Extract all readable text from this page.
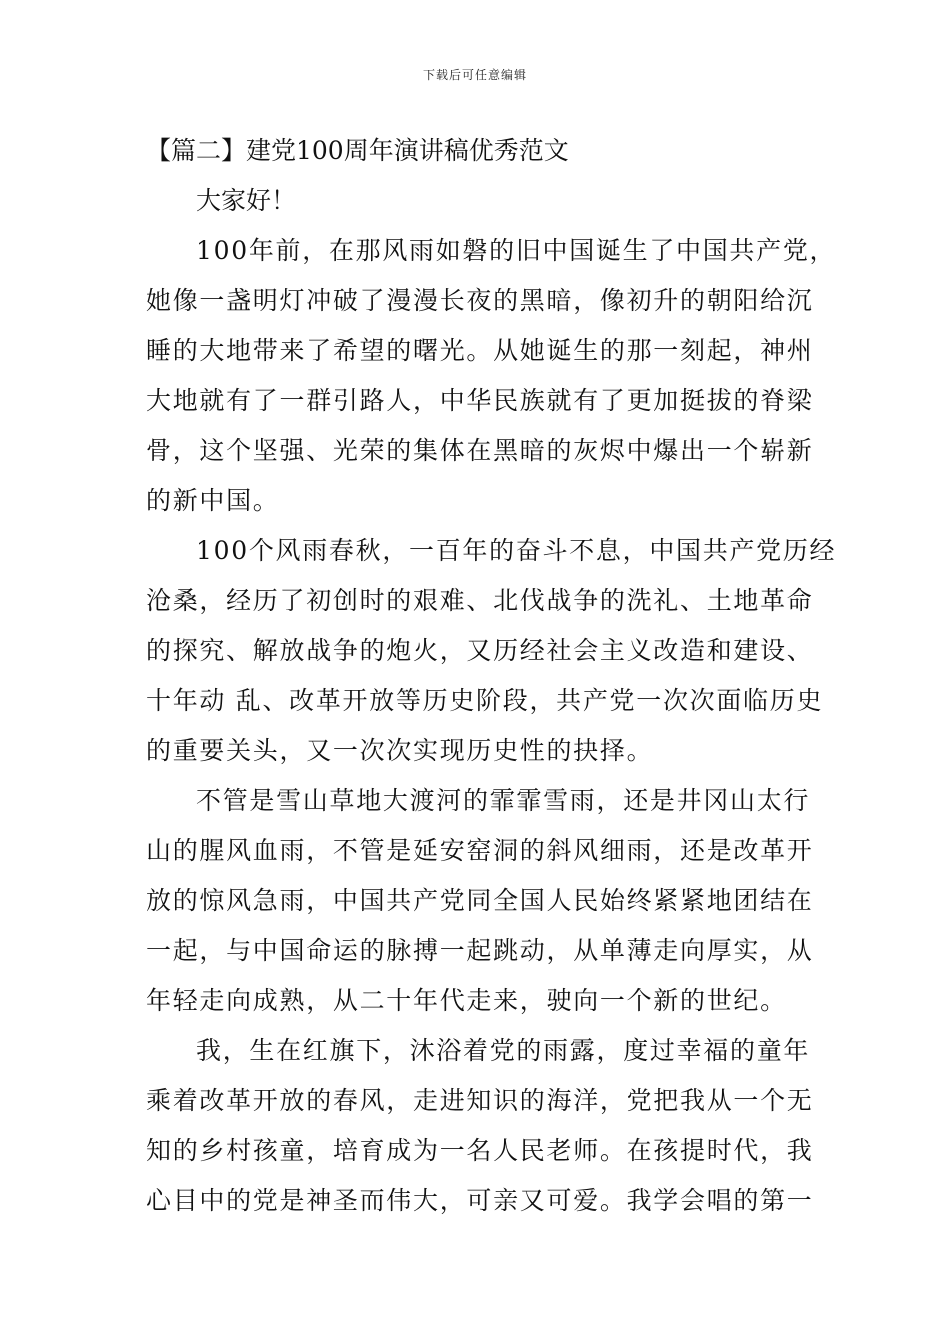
下载后可任意编辑
【篇二】建党100周年演讲稿优秀范文
大家好！
100年前，在那风雨如磐的旧中国诞生了中国共产党，
她像一盏明灯冲破了漫漫长夜的黑暗，像初升的朝阳给沉
睡的大地带来了希望的曙光。从她诞生的那一刻起，神州
大地就有了一群引路人，中华民族就有了更加挺拔的脊梁
骨，这个坚强、光荣的集体在黑暗的灰烬中爆出一个崭新
的新中国。
100个风雨春秋，一百年的奋斗不息，中国共产党历经
沧桑，经历了初创时的艰难、北伐战争的洗礼、土地革命
的探究、解放战争的炮火，又历经社会主义改造和建设、
十年动 乱、改革开放等历史阶段，共产党一次次面临历史
的重要关头，又一次次实现历史性的抉择。
不管是雪山草地大渡河的霏霏雪雨，还是井冈山太行
山的腥风血雨，不管是延安窑洞的斜风细雨，还是改革开
放的惊风急雨，中国共产党同全国人民始终紧紧地团结在
一起，与中国命运的脉搏一起跳动，从单薄走向厚实，从
年轻走向成熟，从二十年代走来，驶向一个新的世纪。
我，生在红旗下，沐浴着党的雨露，度过幸福的童年
乘着改革开放的春风，走进知识的海洋，党把我从一个无
知的乡村孩童，培育成为一名人民老师。在孩提时代，我
心目中的党是神圣而伟大，可亲又可爱。我学会唱的第一
